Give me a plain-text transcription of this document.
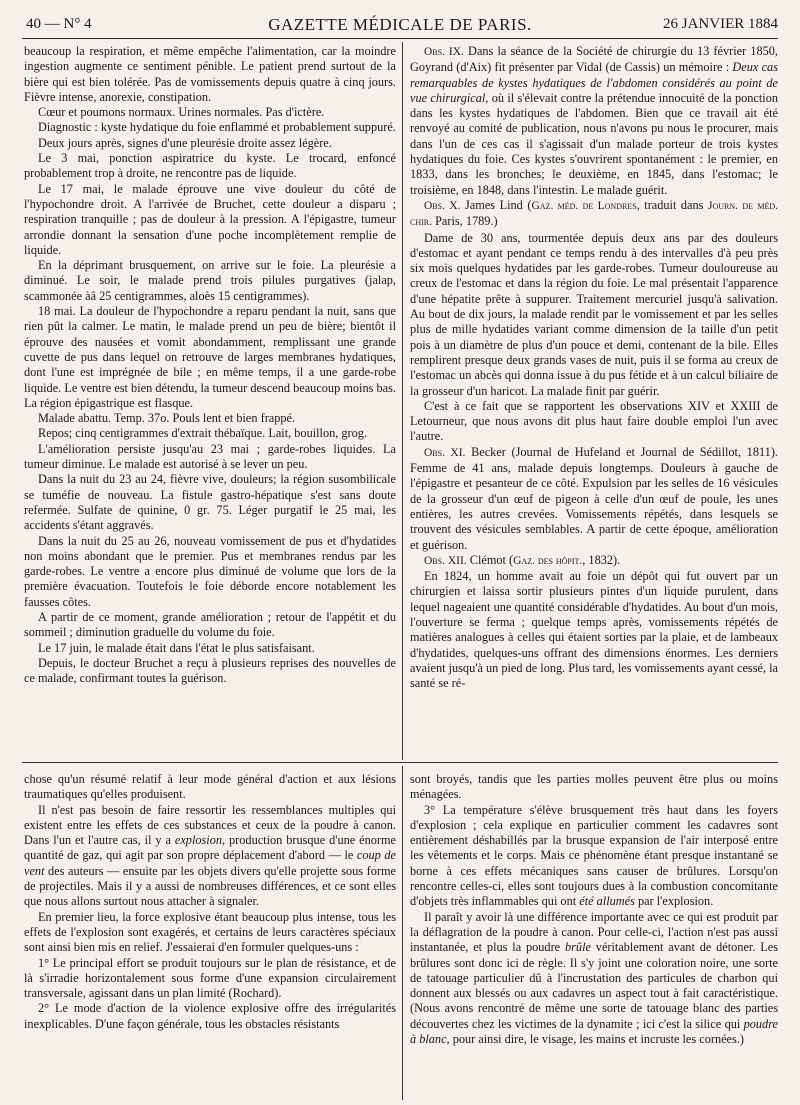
40 — N° 4	GAZETTE MÉDICALE DE PARIS.	26 JANVIER 1884

beaucoup la respiration, et même empêche l'alimentation, car la moindre ingestion augmente ce sentiment pénible. Le patient prend surtout de la bière qui est bien tolérée. Pas de vomissements depuis quatre à cinq jours. Fièvre intense, anorexie, constipation.

Cœur et poumons normaux. Urines normales. Pas d'ictère.

Diagnostic : kyste hydatique du foie enflammé et probablement suppuré.

Deux jours après, signes d'une pleurésie droite assez légère.

Le 3 mai, ponction aspiratrice du kyste. Le trocard, enfoncé probablement trop à droite, ne rencontre pas de liquide.

Le 17 mai, le malade éprouve une vive douleur du côté de l'hypochondre droit. A l'arrivée de Bruchet, cette douleur a disparu ; respiration tranquille ; pas de douleur à la pression. A l'épigastre, tumeur arrondie donnant la sensation d'une poche incomplètement remplie de liquide.

En la déprimant brusquement, on arrive sur le foie. La pleurésie a diminué. Le soir, le malade prend trois pilules purgatives (jalap, scammonée àâ 25 centigrammes, aloès 15 centigrammes).

18 mai. La douleur de l'hypochondre a reparu pendant la nuit, sans que rien pût la calmer. Le matin, le malade prend un peu de bière; bientôt il éprouve des nausées et vomit abondamment, remplissant une grande cuvette de pus dans lequel on retrouve de larges membranes hydatiques, dont l'une est imprégnée de bile ; en même temps, il a une garde-robe liquide. Le ventre est bien détendu, la tumeur descend beaucoup moins bas. La région épigastrique est flasque.

Malade abattu. Temp. 37o. Pouls lent et bien frappé.

Repos; cinq centigrammes d'extrait thébaïque. Lait, bouillon, grog.

L'amélioration persiste jusqu'au 23 mai ; garde-robes liquides. La tumeur diminue. Le malade est autorisé à se lever un peu.

Dans la nuit du 23 au 24, fièvre vive, douleurs; la région susombilicale se tuméfie de nouveau. La fistule gastro-hépatique s'est sans doute refermée. Sulfate de quinine, 0 gr. 75. Léger purgatif le 25 mai, les accidents s'étant aggravés.

Dans la nuit du 25 au 26, nouveau vomissement de pus et d'hydatides non moins abondant que le premier. Pus et membranes rendus par les garde-robes. Le ventre a encore plus diminué de volume que lors de la première évacuation. Toutefois le foie déborde encore notablement les fausses côtes.

A partir de ce moment, grande amélioration ; retour de l'appétit et du sommeil ; diminution graduelle du volume du foie.

Le 17 juin, le malade était dans l'état le plus satisfaisant.

Depuis, le docteur Bruchet a reçu à plusieurs reprises des nouvelles de ce malade, confirmant toutes la guérison.

Obs. IX. Dans la séance de la Société de chirurgie du 13 février 1850, Goyrand (d'Aix) fit présenter par Vidal (de Cassis) un mémoire : Deux cas remarquables de kystes hydatiques de l'abdomen considérés au point de vue chirurgical, où il s'élevait contre la prétendue innocuité de la ponction dans les kystes hydatiques de l'abdomen. Bien que ce travail ait été renvoyé au comité de publication, nous n'avons pu nous le procurer, mais dans l'un de ces cas il s'agissait d'un malade porteur de trois kystes hydatiques du foie. Ces kystes s'ouvrirent spontanément : le premier, en 1833, dans les bronches; le deuxième, en 1845, dans l'estomac; le troisième, en 1848, dans l'intestin. Le malade guérit.

Obs. X. James Lind (Gaz. méd. de Londres, traduit dans Journ. de méd. chir. Paris, 1789.)

Dame de 30 ans, tourmentée depuis deux ans par des douleurs d'estomac et ayant pendant ce temps rendu à des intervalles d'à peu près six mois quelques hydatides par les garde-robes. Tumeur douloureuse au creux de l'estomac et dans la région du foie. Le mal présentait l'apparence d'une hépatite prête à suppurer. Traitement mercuriel jusqu'à salivation. Au bout de dix jours, la malade rendit par le vomissement et par les selles plus de mille hydatides variant comme dimension de la taille d'un petit pois à un diamètre de plus d'un pouce et demi, contenant de la bile. Elles remplirent presque deux grands vases de nuit, puis il se forma au creux de l'estomac un abcès qui donna issue à du pus fétide et à un calcul biliaire de la grosseur d'un haricot. La malade finit par guérir.

C'est à ce fait que se rapportent les observations XIV et XXIII de Letourneur, que nous avons dit plus haut faire double emploi l'un avec l'autre.

Obs. XI. Becker (Journal de Hufeland et Journal de Sédillot, 1811). Femme de 41 ans, malade depuis longtemps. Douleurs à gauche de l'épigastre et pesanteur de ce côté. Expulsion par les selles de 16 vésicules de la grosseur d'un œuf de pigeon à celle d'un œuf de poule, les unes entières, les autres crevées. Vomissements répétés, dans lesquels se trouvent des vésicules semblables. A partir de cette époque, amélioration et guérison.

Obs. XII. Clémot (Gaz. des hôpit., 1832).

En 1824, un homme avait au foie un dépôt qui fut ouvert par un chirurgien et laissa sortir plusieurs pintes d'un liquide purulent, dans lequel nageaient une quantité considérable d'hydatides. Au bout d'un mois, l'ouverture se ferma ; quelque temps après, vomissements répétés de matières analogues à celles qui étaient sorties par la plaie, et de lambeaux d'hydatides, quelques-uns offrant des dimensions énormes. Les derniers avaient jusqu'à un pied de long. Plus tard, les vomissements ayant cessé, la santé se ré-

chose qu'un résumé relatif à leur mode général d'action et aux lésions traumatiques qu'elles produisent.

Il n'est pas besoin de faire ressortir les ressemblances multiples qui existent entre les effets de ces substances et ceux de la poudre à canon. Dans l'un et l'autre cas, il y a explosion, production brusque d'une énorme quantité de gaz, qui agit par son propre déplacement d'abord — le coup de vent des auteurs — ensuite par les objets divers qu'elle projette sous forme de projectiles. Mais il y a aussi de nombreuses différences, et ce sont elles que nous allons surtout nous attacher à signaler.

En premier lieu, la force explosive étant beaucoup plus intense, tous les effets de l'explosion sont exagérés, et certains de leurs caractères spéciaux sont ainsi bien mis en relief. J'essaierai d'en formuler quelques-uns :

1° Le principal effort se produit toujours sur le plan de résistance, et de là s'irradie horizontalement sous forme d'une expansion circulairement transversale, agissant dans un plan limité (Rochard).

2° Le mode d'action de la violence explosive offre des irrégularités inexplicables. D'une façon générale, tous les obstacles résistants

sont broyés, tandis que les parties molles peuvent être plus ou moins ménagées.

3° La température s'élève brusquement très haut dans les foyers d'explosion ; cela explique en particulier comment les cadavres sont entièrement déshabillés par la brusque expansion de l'air interposé entre les vêtements et le corps. Mais ce phénomène étant presque instantané se borne à ces effets mécaniques sans causer de brûlures. Lorsqu'on rencontre celles-ci, elles sont toujours dues à la combustion concomitante d'objets très inflammables qui ont été allumés par l'explosion.

Il paraît y avoir là une différence importante avec ce qui est produit par la déflagration de la poudre à canon. Pour celle-ci, l'action n'est pas aussi instantanée, et plus la poudre brûle véritablement avant de détoner. Les brûlures sont donc ici de règle. Il s'y joint une coloration noire, une sorte de tatouage particulier dû à l'incrustation des particules de charbon qui donnent aux blessés ou aux cadavres un aspect tout à fait caractéristique. (Nous avons rencontré de même une sorte de tatouage blanc des parties découvertes chez les victimes de la dynamite ; ici c'est la silice qui poudre à blanc, pour ainsi dire, le visage, les mains et incruste les cornées.)
